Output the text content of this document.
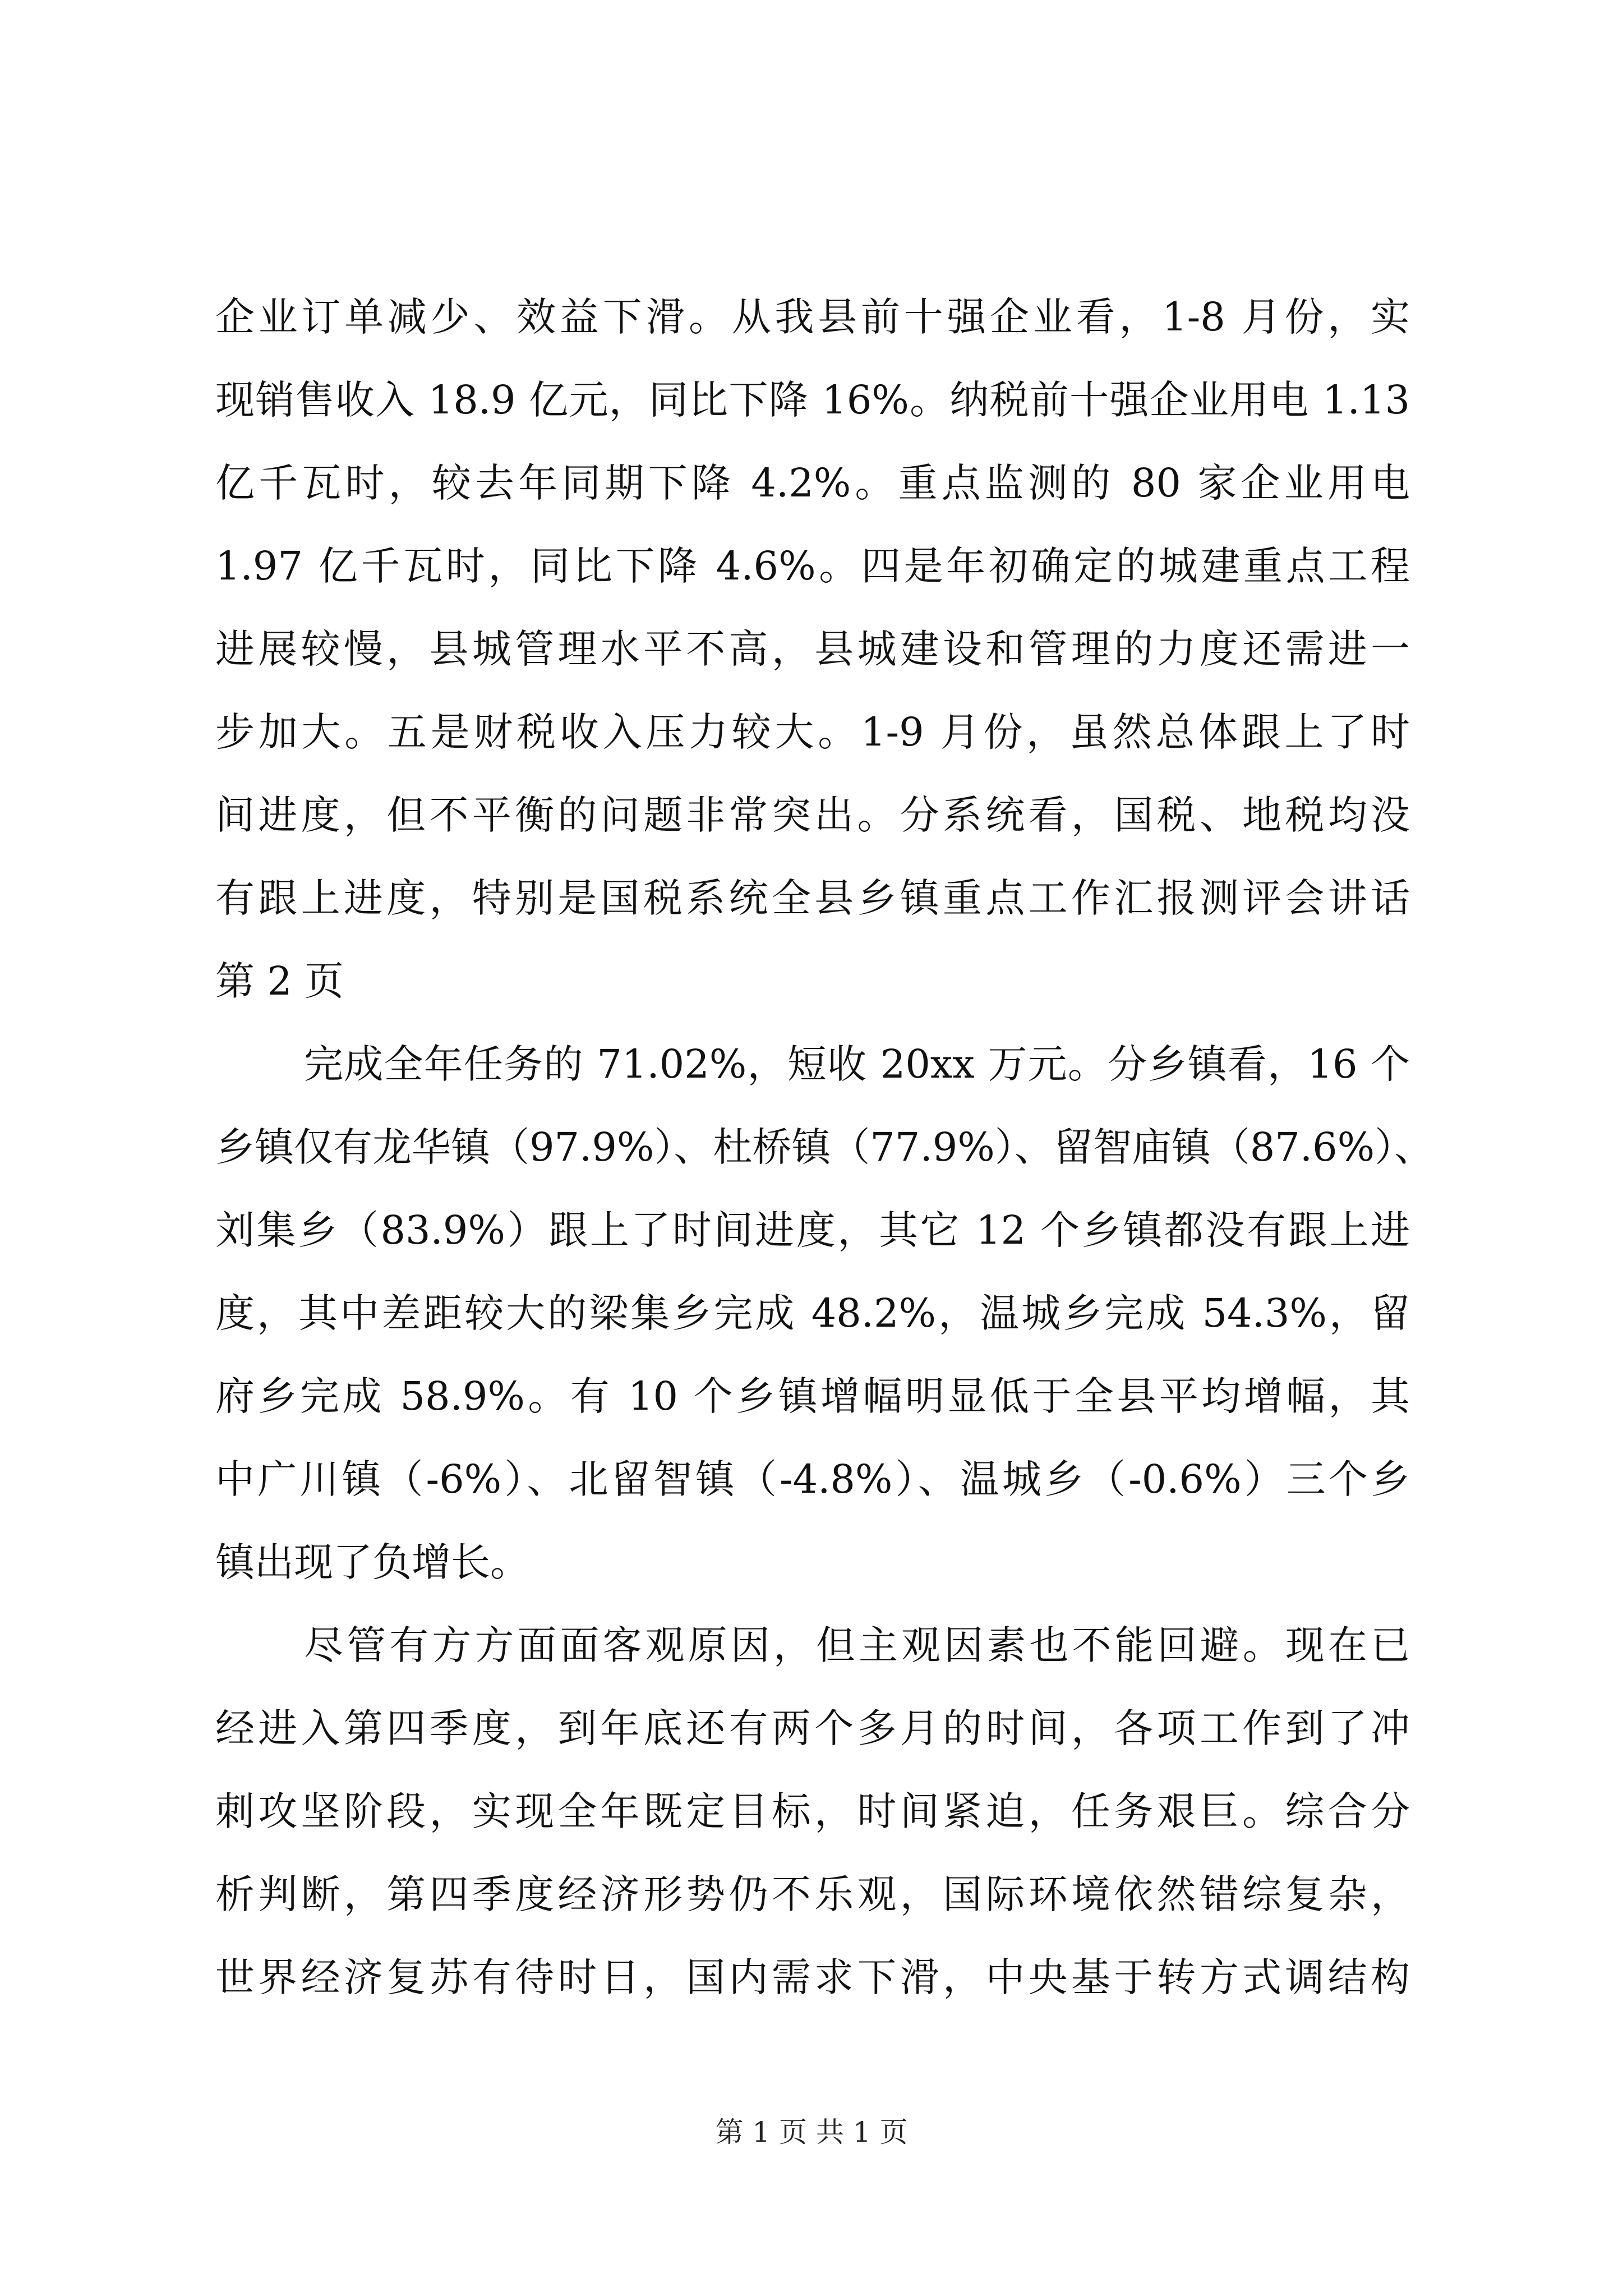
企业订单减少、效益下滑。从我县前十强企业看，1-8 月份，实
现销售收入 18.9 亿元，同比下降 16%。纳税前十强企业用电 1.13
亿千瓦时，较去年同期下降 4.2%。重点监测的 80 家企业用电
1.97 亿千瓦时，同比下降 4.6%。四是年初确定的城建重点工程
进展较慢，县城管理水平不高，县城建设和管理的力度还需进一
步加大。五是财税收入压力较大。1-9 月份，虽然总体跟上了时
间进度，但不平衡的问题非常突出。分系统看，国税、地税均没
有跟上进度，特别是国税系统全县乡镇重点工作汇报测评会讲话
第 2 页
完成全年任务的 71.02%，短收 20xx 万元。分乡镇看，16 个
乡镇仅有龙华镇（97.9%）、杜桥镇（77.9%）、留智庙镇（87.6%）、
刘集乡（83.9%）跟上了时间进度，其它 12 个乡镇都没有跟上进
度，其中差距较大的梁集乡完成 48.2%，温城乡完成 54.3%，留
府乡完成 58.9%。有 10 个乡镇增幅明显低于全县平均增幅，其
中广川镇（-6%）、北留智镇（-4.8%）、温城乡（-0.6%）三个乡
镇出现了负增长。
尽管有方方面面客观原因，但主观因素也不能回避。现在已
经进入第四季度，到年底还有两个多月的时间，各项工作到了冲
刺攻坚阶段，实现全年既定目标，时间紧迫，任务艰巨。综合分
析判断，第四季度经济形势仍不乐观，国际环境依然错综复杂，
世界经济复苏有待时日，国内需求下滑，中央基于转方式调结构
第 1 页 共 1 页
